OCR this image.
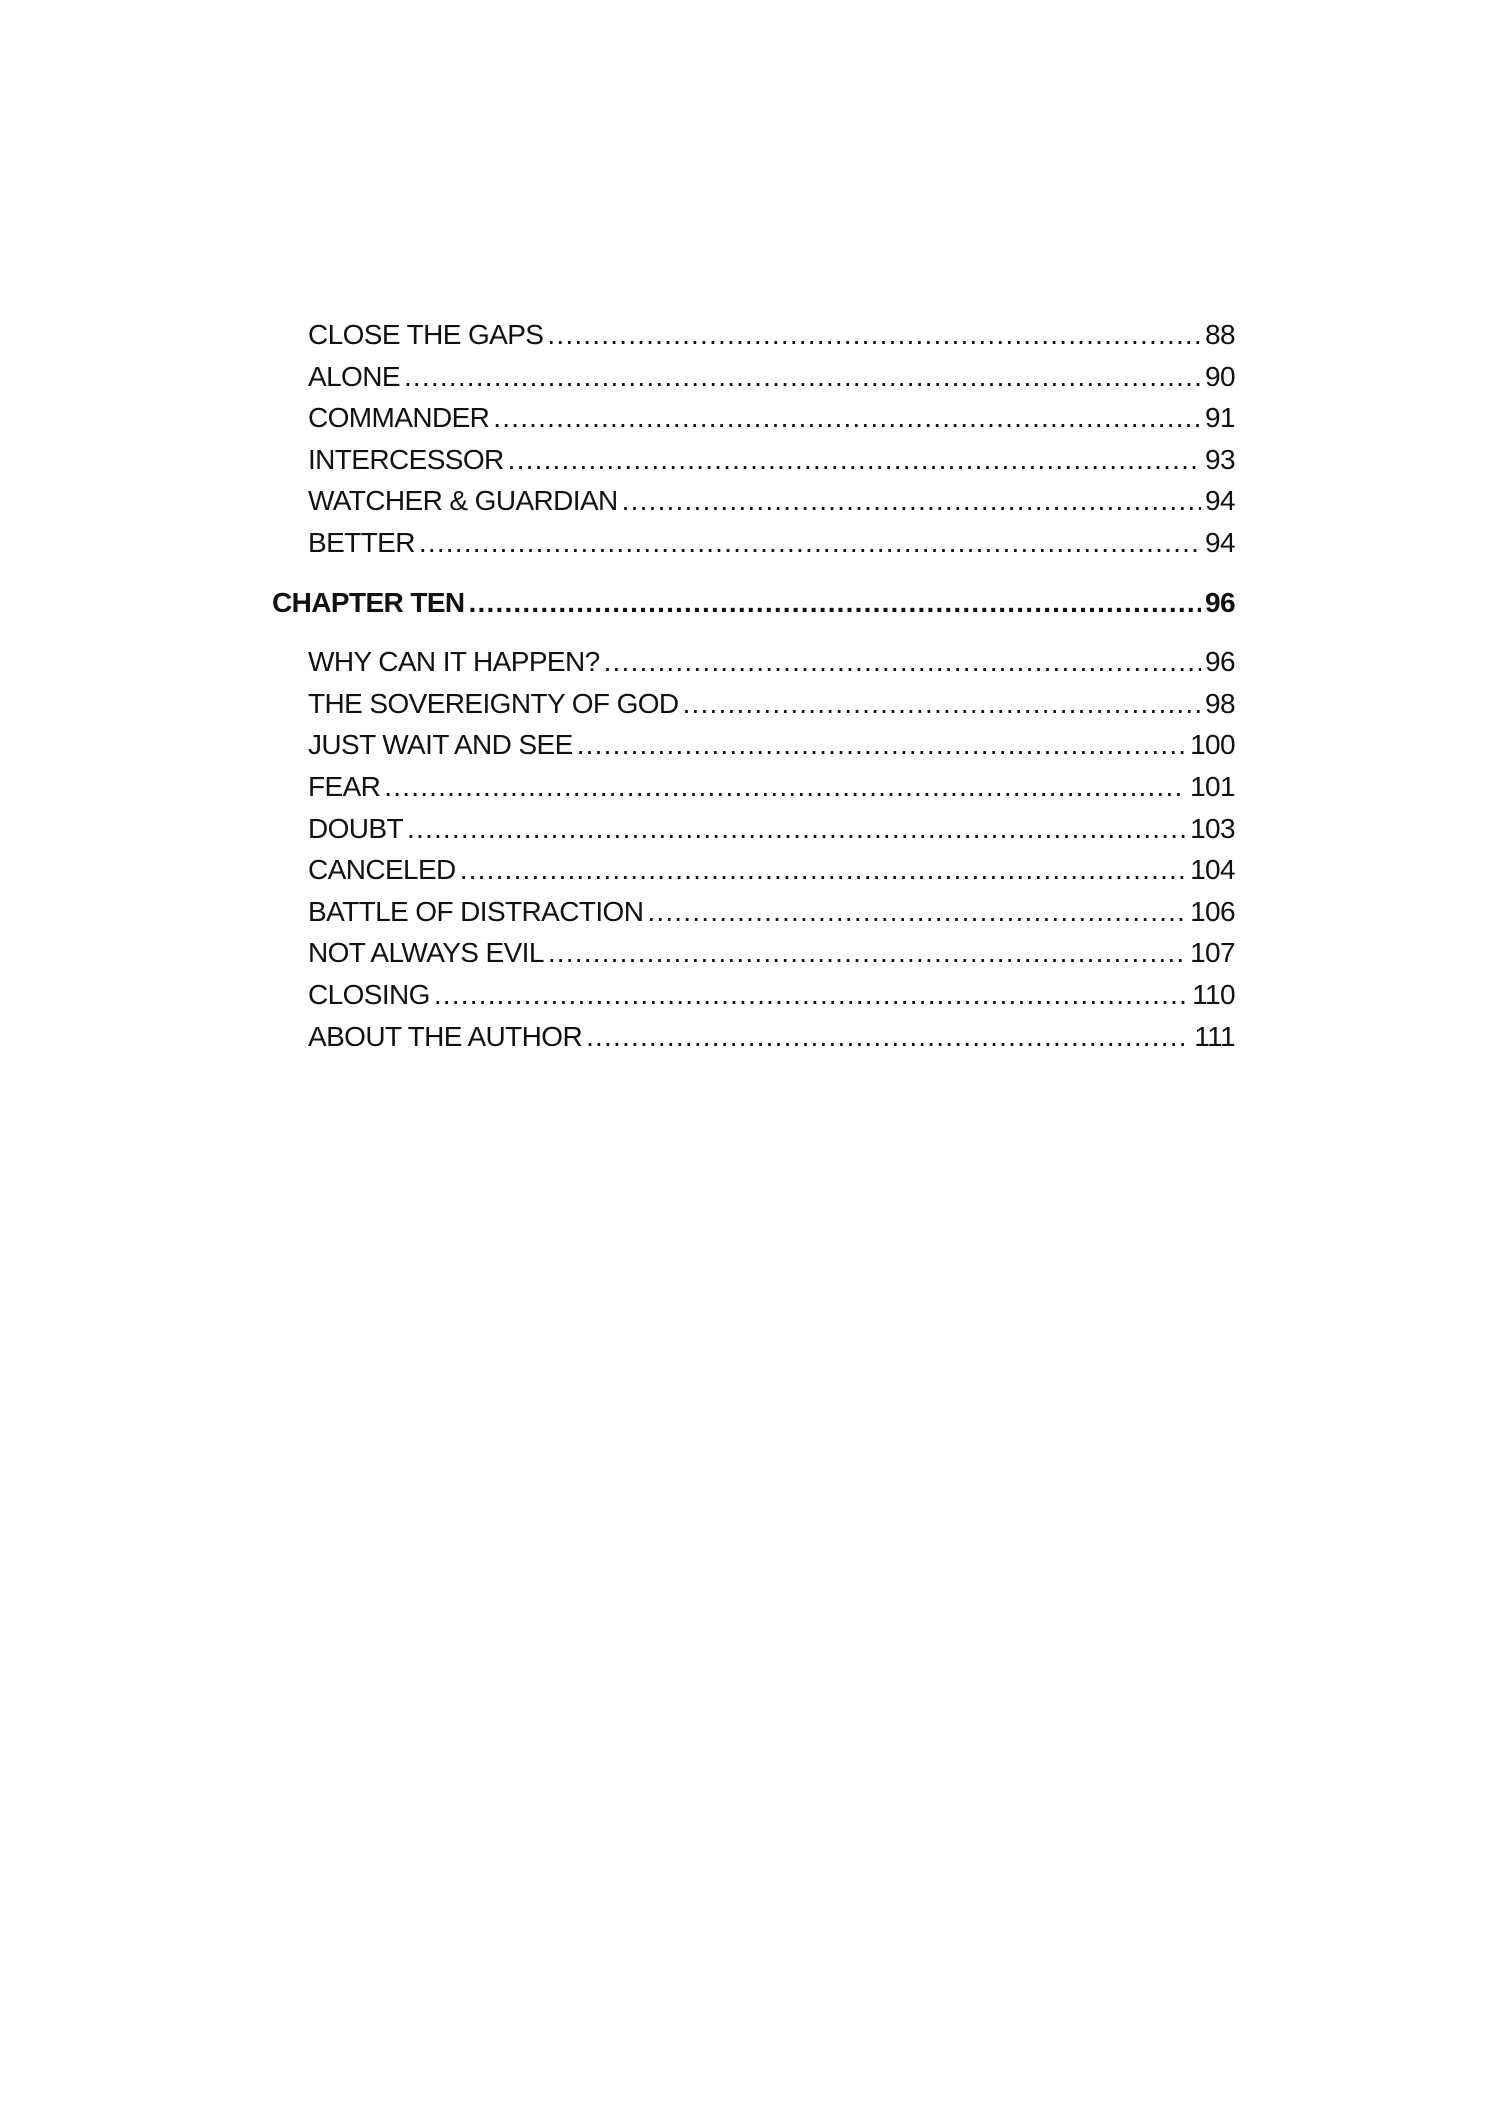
CLOSE THE GAPS .....	88
ALONE .....	90
COMMANDER .....	91
INTERCESSOR .....	93
WATCHER & GUARDIAN .....	94
BETTER .....	94
CHAPTER TEN .....	96
WHY CAN IT HAPPEN? .....	96
THE SOVEREIGNTY OF GOD .....	98
JUST WAIT AND SEE .....	100
FEAR .....	101
DOUBT .....	103
CANCELED .....	104
BATTLE OF DISTRACTION .....	106
NOT ALWAYS EVIL .....	107
CLOSING .....	110
ABOUT THE AUTHOR .....	111
